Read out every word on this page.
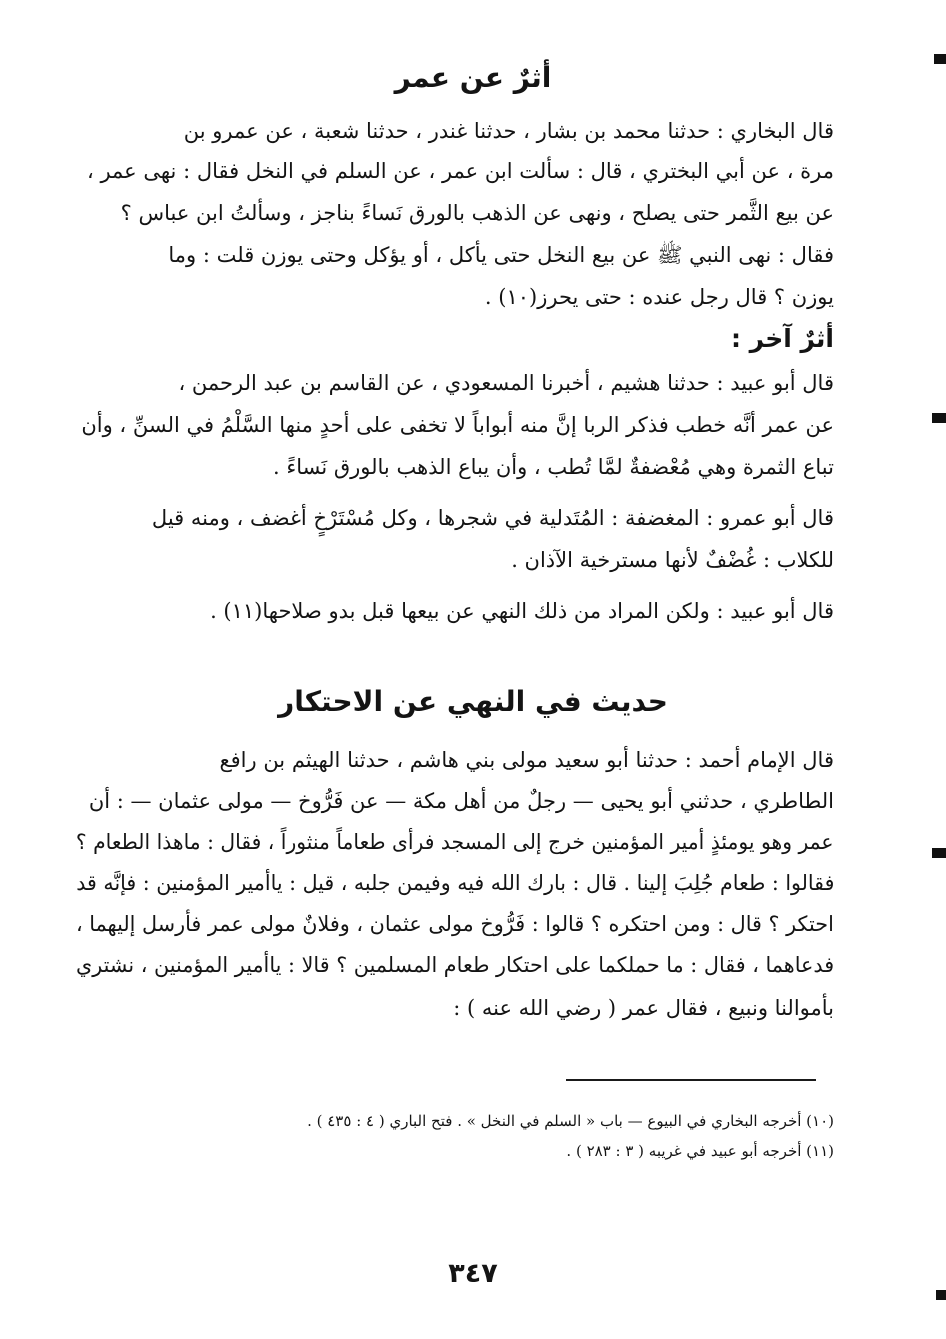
أثرٌ عن عمر
قال البخاري : حدثنا محمد بن بشار ، حدثنا غندر ، حدثنا شعبة ، عن عمرو بن
مرة ، عن أبي البختري ، قال : سألت ابن عمر ، عن السلم في النخل فقال : نهى عمر ،
عن بيع الثَّمر حتى يصلح ، ونهى عن الذهب بالورق نَساءً بناجز ، وسألتُ ابن عباس ؟
فقال : نهى النبي ﷺ عن بيع النخل حتى يأكل ، أو يؤكل وحتى يوزن قلت : وما
يوزن ؟ قال رجل عنده : حتى يحرز(١٠) .
أثرٌ آخر :
قال أبو عبيد : حدثنا هشيم ، أخبرنا المسعودي ، عن القاسم بن عبد الرحمن ،
عن عمر أنَّه خطب فذكر الربا إنَّ منه أبواباً لا تخفى على أحدٍ منها السَّلْمُ في السنِّ ، وأن
تباع الثمرة وهي مُعْضفةٌ لمَّا تُطب ، وأن يباع الذهب بالورق نَساءً .
قال أبو عمرو : المغضفة : المُتَدلية في شجرها ، وكل مُسْتَرْخٍ أغضف ، ومنه قيل
للكلاب : غُضْفٌ لأنها مسترخية الآذان .
قال أبو عبيد : ولكن المراد من ذلك النهي عن بيعها قبل بدو صلاحها(١١) .
حديث في النهي عن الاحتكار
قال الإمام أحمد : حدثنا أبو سعيد مولى بني هاشم ، حدثنا الهيثم بن رافع
الطاطري ، حدثني أبو يحيى — رجلٌ من أهل مكة — عن فَرُّوخ — مولى عثمان — : أن
عمر وهو يومئذٍ أمير المؤمنين خرج إلى المسجد فرأى طعاماً منثوراً ، فقال : ماهذا الطعام ؟
فقالوا : طعام جُلِبَ إلينا . قال : بارك الله فيه وفيمن جلبه ، قيل : ياأمير المؤمنين : فإنَّه قد
احتكر ؟ قال : ومن احتكره ؟ قالوا : فَرُّوخ مولى عثمان ، وفلانٌ مولى عمر فأرسل إليهما ،
فدعاهما ، فقال : ما حملكما على احتكار طعام المسلمين ؟ قالا : ياأمير المؤمنين ، نشتري
بأموالنا ونبيع ، فقال عمر ( رضي الله عنه ) :
(١٠) أخرجه البخاري في البيوع — باب « السلم في النخل » . فتح الباري ( ٤ : ٤٣٥ ) .
(١١) أخرجه أبو عبيد في غريبه ( ٣ : ٢٨٣ ) .
٣٤٧
